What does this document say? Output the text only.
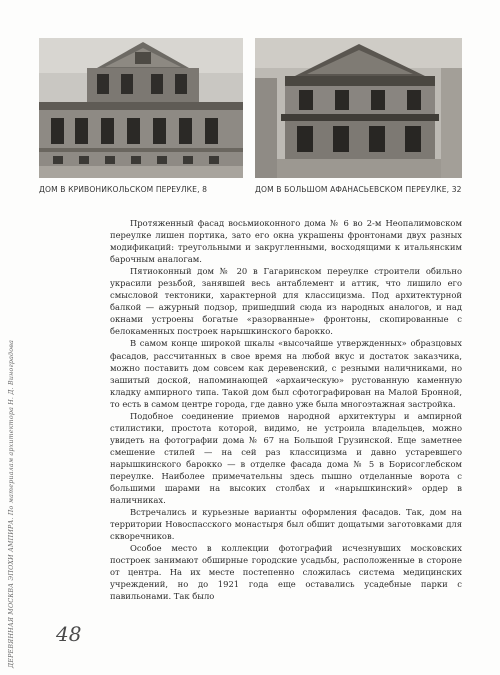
ДОМ В КРИВОНИКОЛЬСКОМ ПЕРЕУЛКЕ, 8	ДОМ В БОЛЬШОМ АФАНАСЬЕВСКОМ ПЕРЕУЛКЕ, 32

Протяженный фасад восьмиоконного дома № 6 во 2-м Неопалимовском переулке лишен портика, зато его окна украшены фронтонами двух разных модификаций: треугольными и закругленными, восходящими к итальянским барочным аналогам.

Пятиоконный дом № 20 в Гагаринском переулке строители обильно украсили резьбой, занявшей весь антаблемент и аттик, что лишило его смысловой тектоники, характерной для классицизма. Под архитектурной балкой — ажурный подзор, пришедший сюда из народных аналогов, и над окнами устроены богатые «разорванные» фронтоны, скопированные с белокаменных построек нарышкинского барокко.

В самом конце широкой шкалы «высочайше утвержденных» образцовых фасадов, рассчитанных в свое время на любой вкус и достаток заказчика, можно поставить дом совсем как деревенский, с резными наличниками, но зашитый доской, напоминающей «архаическую» рустованную каменную кладку ампирного типа. Такой дом был сфотографирован на Малой Бронной, то есть в самом центре города, где давно уже была многоэтажная застройка.

Подобное соединение приемов народной архитектуры и ампирной стилистики, простота которой, видимо, не устроила владельцев, можно увидеть на фотографии дома № 67 на Большой Грузинской. Еще заметнее смешение стилей — на сей раз классицизма и давно устаревшего нарышкинского барокко — в отделке фасада дома № 5 в Борисоглебском переулке. Наиболее примечательны здесь пышно отделанные ворота с большими шарами на высоких столбах и «нарышкинский» ордер в наличниках.

Встречались и курьезные варианты оформления фасадов. Так, дом на территории Новоспасского монастыря был обшит дощатыми заготовками для скворечников.

Особое место в коллекции фотографий исчезнувших московских построек занимают обширные городские усадьбы, расположенные в стороне от центра. На их месте постепенно сложилась система медицинских учреждений, но до 1921 года еще оставались усадебные парки с павильонами. Так было

ДЕРЕВЯННАЯ МОСКВА ЭПОХИ АМПИРА. По материалам архитектора Н. Д. Виноградова 48
